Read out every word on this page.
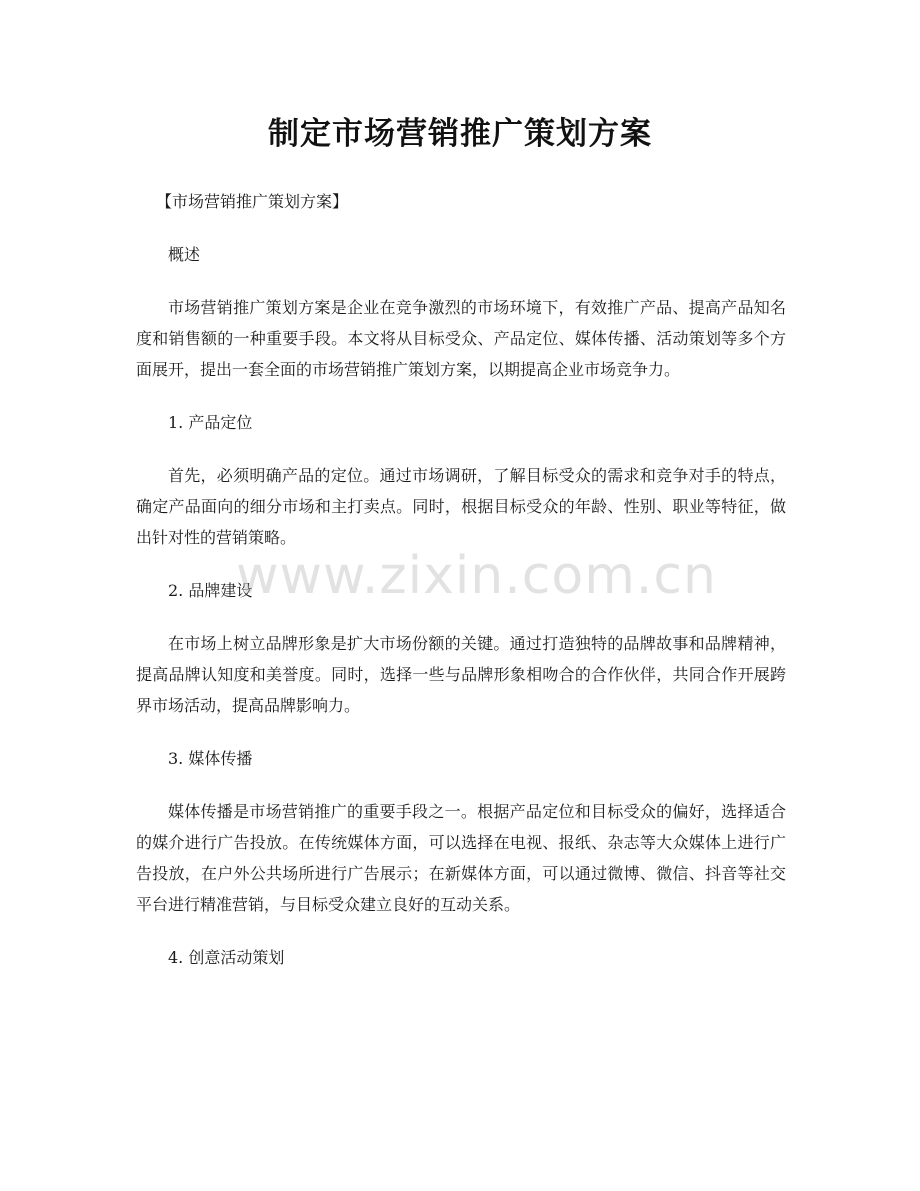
制定市场营销推广策划方案

【市场营销推广策划方案】

概述

市场营销推广策划方案是企业在竞争激烈的市场环境下，有效推广产品、提高产品知名度和销售额的一种重要手段。本文将从目标受众、产品定位、媒体传播、活动策划等多个方面展开，提出一套全面的市场营销推广策划方案，以期提高企业市场竞争力。

1. 产品定位

首先，必须明确产品的定位。通过市场调研，了解目标受众的需求和竞争对手的特点，确定产品面向的细分市场和主打卖点。同时，根据目标受众的年龄、性别、职业等特征，做出针对性的营销策略。

2. 品牌建设

在市场上树立品牌形象是扩大市场份额的关键。通过打造独特的品牌故事和品牌精神，提高品牌认知度和美誉度。同时，选择一些与品牌形象相吻合的合作伙伴，共同合作开展跨界市场活动，提高品牌影响力。

3. 媒体传播

媒体传播是市场营销推广的重要手段之一。根据产品定位和目标受众的偏好，选择适合的媒介进行广告投放。在传统媒体方面，可以选择在电视、报纸、杂志等大众媒体上进行广告投放，在户外公共场所进行广告展示；在新媒体方面，可以通过微博、微信、抖音等社交平台进行精准营销，与目标受众建立良好的互动关系。

4. 创意活动策划

www.zixin.com.cn
